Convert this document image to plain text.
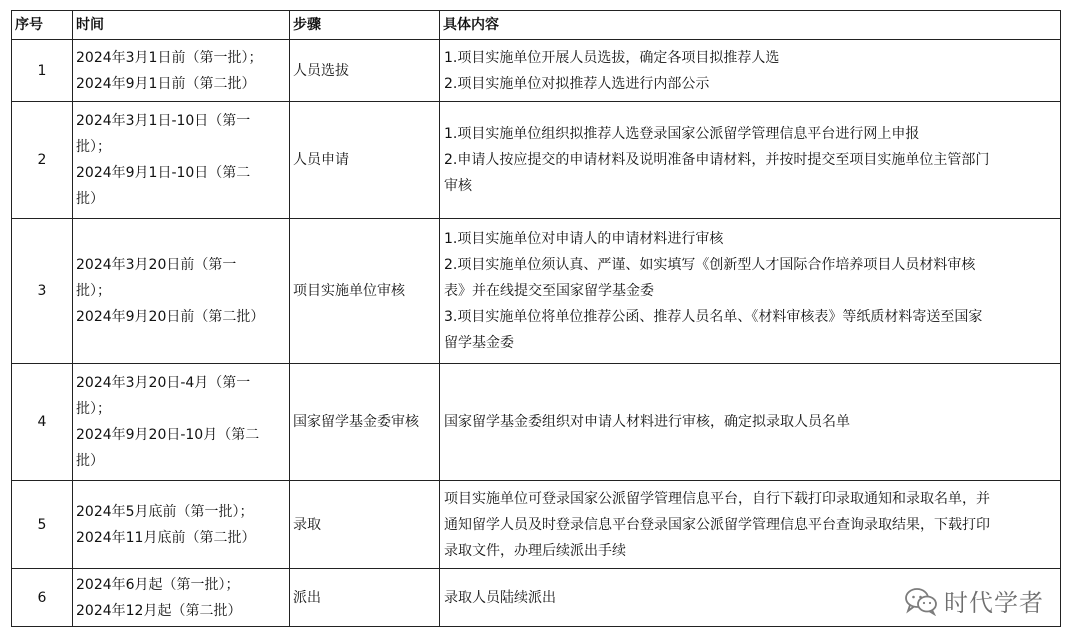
序号	时间	步骤	具体内容
1	2024年3月1日前（第一批）；
2024年9月1日前（第二批）	人员选拔	1.项目实施单位开展人员选拔，确定各项目拟推荐人选
2.项目实施单位对拟推荐人选进行内部公示

2	2024年3月1日-10日（第一
批）；
2024年9月1日-10日（第二
批）	人员申请	1.项目实施单位组织拟推荐人选登录国家公派留学管理信息平台进行网上申报
2.申请人按应提交的申请材料及说明准备申请材料，并按时提交至项目实施单位主管部门
审核

3	2024年3月20日前（第一
批）；
2024年9月20日前（第二批）	项目实施单位审核	1.项目实施单位对申请人的申请材料进行审核
2.项目实施单位须认真、严谨、如实填写《创新型人才国际合作培养项目人员材料审核
表》并在线提交至国家留学基金委
3.项目实施单位将单位推荐公函、推荐人员名单、《材料审核表》等纸质材料寄送至国家
留学基金委

4	2024年3月20日-4月（第一
批）；
2024年9月20日-10月（第二
批）	国家留学基金委审核	国家留学基金委组织对申请人材料进行审核，确定拟录取人员名单

5	2024年5月底前（第一批）；
2024年11月底前（第二批）	录取	项目实施单位可登录国家公派留学管理信息平台，自行下载打印录取通知和录取名单，并
通知留学人员及时登录信息平台登录国家公派留学管理信息平台查询录取结果，下载打印
录取文件，办理后续派出手续

6	2024年6月起（第一批）；
2024年12月起（第二批）	派出	录取人员陆续派出	时代学者
